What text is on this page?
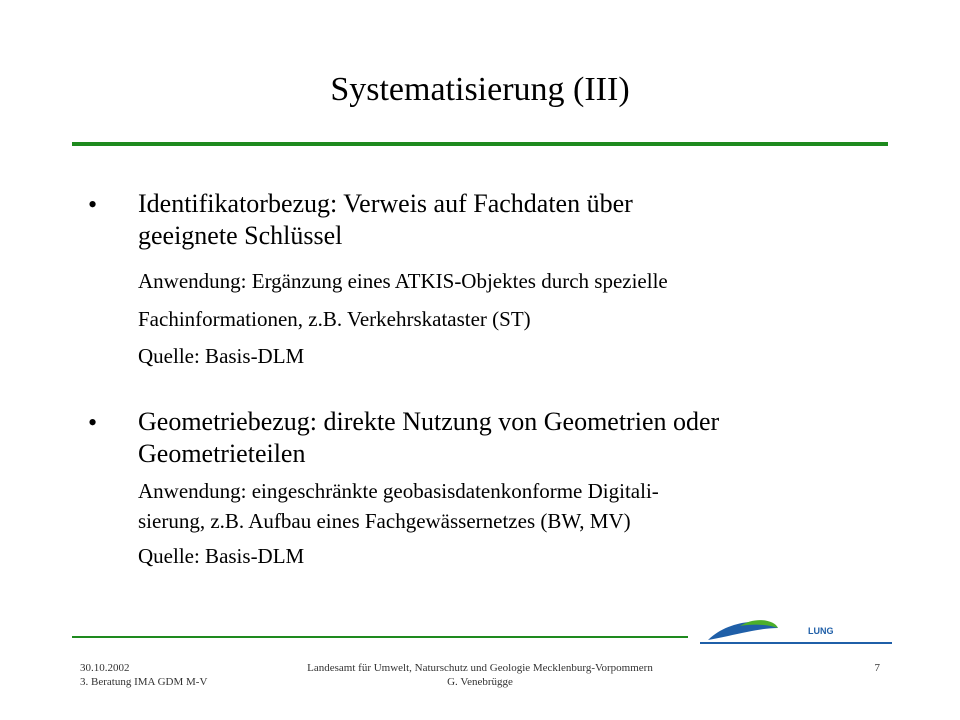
Systematisierung (III)
• Identifikatorbezug: Verweis auf Fachdaten über
geeignete Schlüssel
Anwendung: Ergänzung eines ATKIS-Objektes durch spezielle
Fachinformationen, z.B. Verkehrskataster (ST)
Quelle: Basis-DLM
• Geometriebezug: direkte Nutzung von Geometrien oder
Geometrieteilen
Anwendung: eingeschränkte geobasisdatenkonforme Digitali-
sierung, z.B. Aufbau eines Fachgewässernetzes (BW, MV)
Quelle: Basis-DLM
LUNG
30.10.2002
3. Beratung IMA GDM M-V
Landesamt für Umwelt, Naturschutz und Geologie Mecklenburg-Vorpommern
G. Venebrügge
7
